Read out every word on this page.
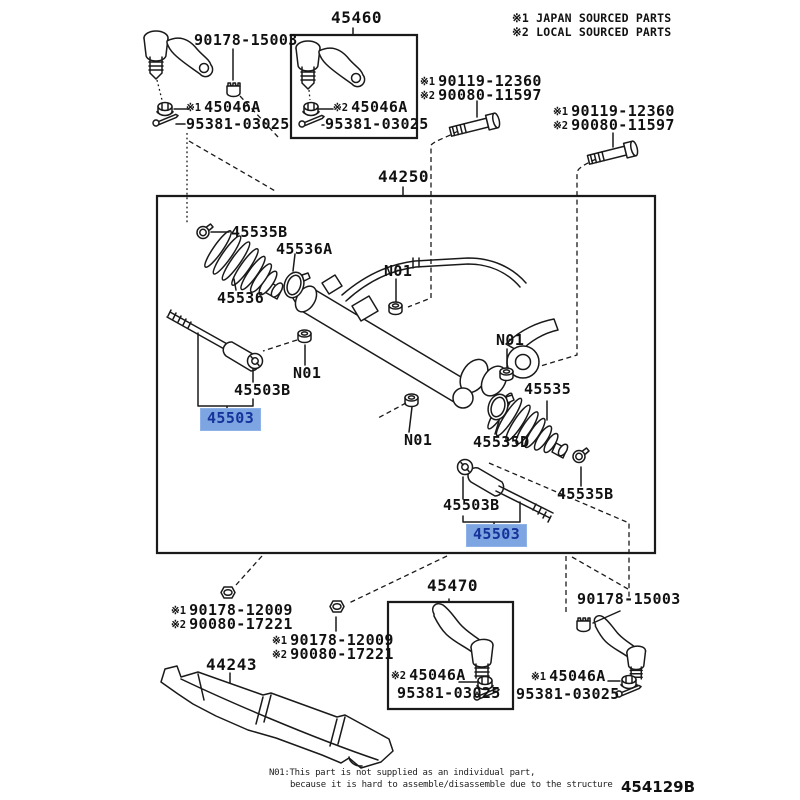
※1 JAPAN SOURCED PARTS
※2 LOCAL SOURCED PARTS
90178-15003
45460
※1 45046A
95381-03025
※2 45046A
95381-03025
※1 90119-12360
※2 90080-11597
※1 90119-12360
※2 90080-11597
44250
45535B
45536A
45536
N01
N01
45503B
45503
N01
N01
45535
45535D
45503B
45503
45535B
45470
※2 45046A
95381-03025
※1 90178-12009
※2 90080-17221
※1 90178-12009
※2 90080-17221
44243
90178-15003
※1 45046A
95381-03025
N01:This part is not supplied as an individual part,
because it is hard to assemble/disassemble due to the structure 454129B
